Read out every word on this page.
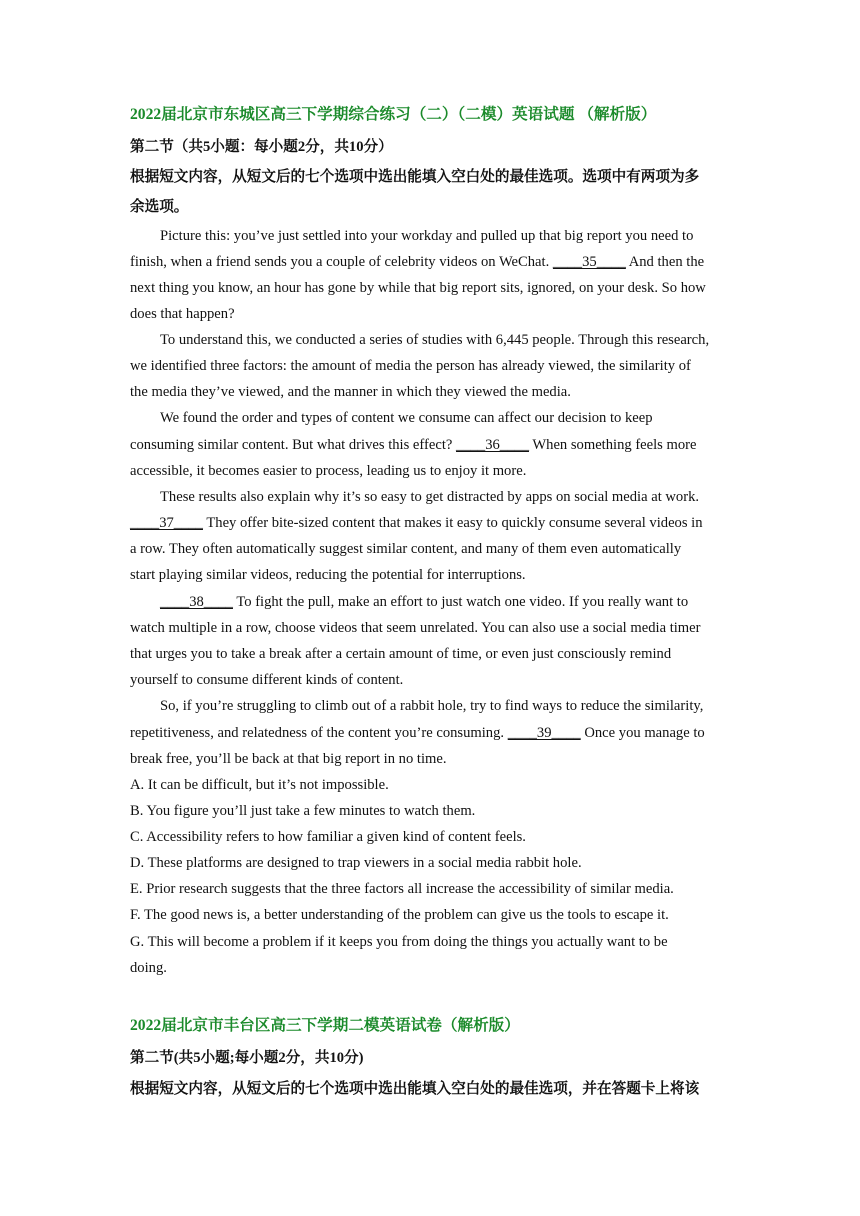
2022届北京市东城区高三下学期综合练习（二）（二模）英语试题 （解析版）
第二节（共5小题：每小题2分，共10分）
根据短文内容，从短文后的七个选项中选出能填入空白处的最佳选项。选项中有两项为多
余选项。
Picture this: you’ve just settled into your workday and pulled up that big report you need to
finish, when a friend sends you a couple of celebrity videos on WeChat. ____35____ And then the
next thing you know, an hour has gone by while that big report sits, ignored, on your desk. So how
does that happen?
To understand this, we conducted a series of studies with 6,445 people. Through this research,
we identified three factors: the amount of media the person has already viewed, the similarity of
the media they’ve viewed, and the manner in which they viewed the media.
We found the order and types of content we consume can affect our decision to keep
consuming similar content. But what drives this effect? ____36____ When something feels more
accessible, it becomes easier to process, leading us to enjoy it more.
These results also explain why it’s so easy to get distracted by apps on social media at work.
____37____ They offer bite-sized content that makes it easy to quickly consume several videos in
a row. They often automatically suggest similar content, and many of them even automatically
start playing similar videos, reducing the potential for interruptions.
____38____ To fight the pull, make an effort to just watch one video. If you really want to
watch multiple in a row, choose videos that seem unrelated. You can also use a social media timer
that urges you to take a break after a certain amount of time, or even just consciously remind
yourself to consume different kinds of content.
So, if you’re struggling to climb out of a rabbit hole, try to find ways to reduce the similarity,
repetitiveness, and relatedness of the content you’re consuming. ____39____ Once you manage to
break free, you’ll be back at that big report in no time.
A. It can be difficult, but it’s not impossible.
B. You figure you’ll just take a few minutes to watch them.
C. Accessibility refers to how familiar a given kind of content feels.
D. These platforms are designed to trap viewers in a social media rabbit hole.
E. Prior research suggests that the three factors all increase the accessibility of similar media.
F. The good news is, a better understanding of the problem can give us the tools to escape it.
G. This will become a problem if it keeps you from doing the things you actually want to be
doing.
2022届北京市丰台区高三下学期二模英语试卷（解析版）
第二节(共5小题;每小题2分，共10分)
根据短文内容，从短文后的七个选项中选出能填入空白处的最佳选项，并在答题卡上将该
